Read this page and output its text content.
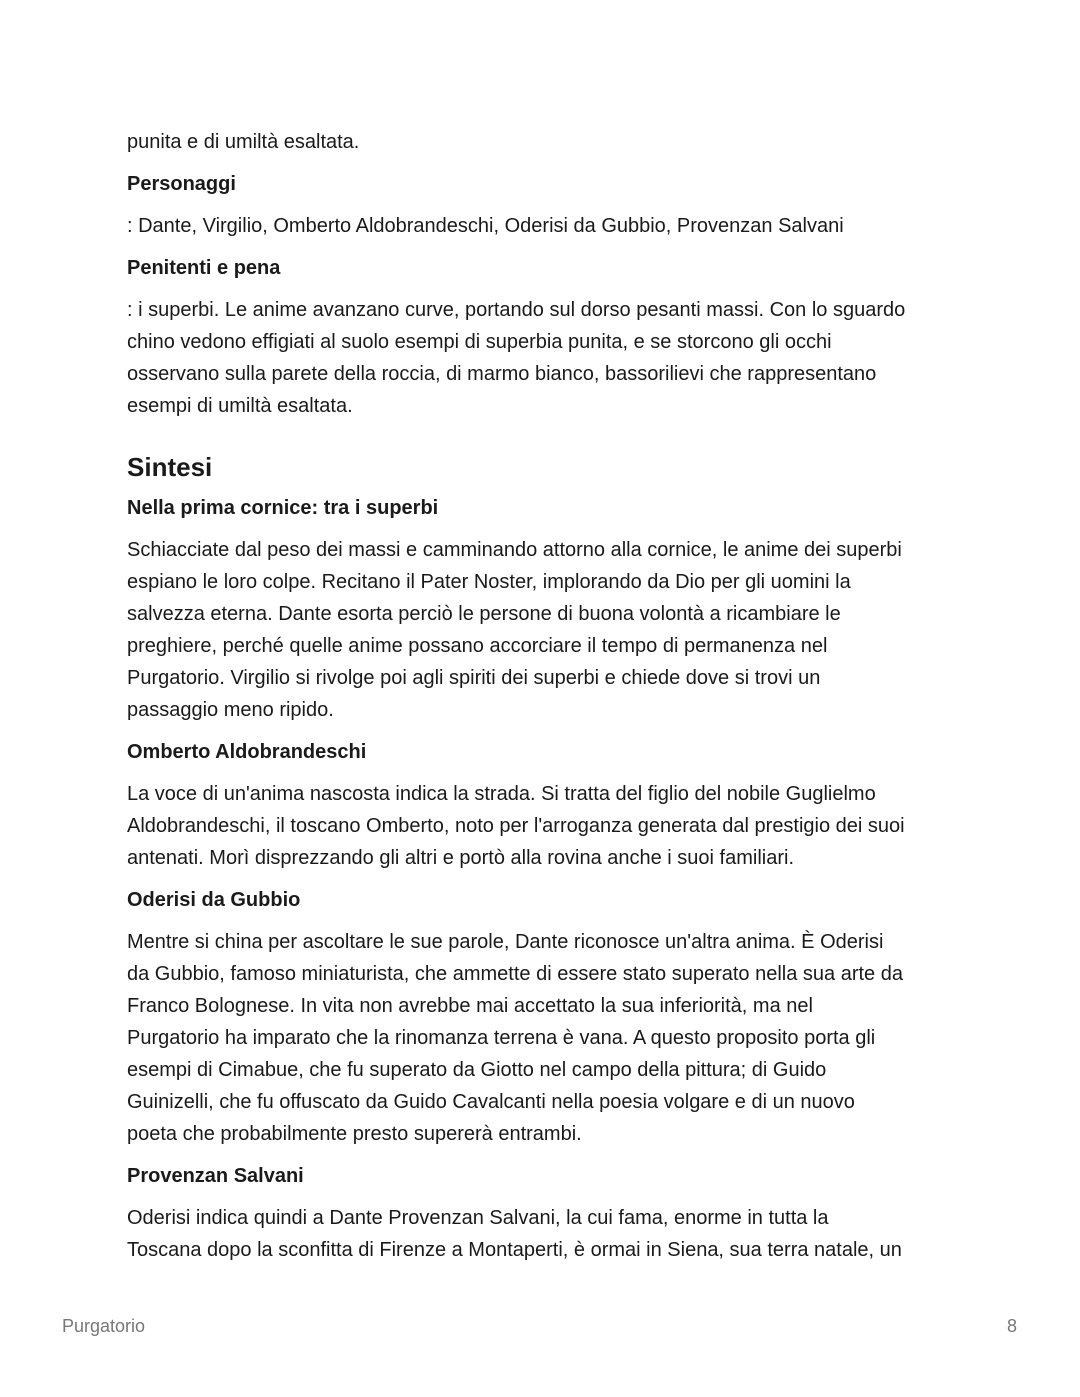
punita e di umiltà esaltata.

Personaggi

: Dante, Virgilio, Omberto Aldobrandeschi, Oderisi da Gubbio, Provenzan Salvani

Penitenti e pena

: i superbi. Le anime avanzano curve, portando sul dorso pesanti massi. Con lo sguardo
chino vedono effigiati al suolo esempi di superbia punita, e se storcono gli occhi
osservano sulla parete della roccia, di marmo bianco, bassorilievi che rappresentano
esempi di umiltà esaltata.

Sintesi
Nella prima cornice: tra i superbi

Schiacciate dal peso dei massi e camminando attorno alla cornice, le anime dei superbi
espiano le loro colpe. Recitano il Pater Noster, implorando da Dio per gli uomini la
salvezza eterna. Dante esorta perciò le persone di buona volontà a ricambiare le
preghiere, perché quelle anime possano accorciare il tempo di permanenza nel
Purgatorio. Virgilio si rivolge poi agli spiriti dei superbi e chiede dove si trovi un
passaggio meno ripido.

Omberto Aldobrandeschi

La voce di un'anima nascosta indica la strada. Si tratta del figlio del nobile Guglielmo
Aldobrandeschi, il toscano Omberto, noto per l'arroganza generata dal prestigio dei suoi
antenati. Morì disprezzando gli altri e portò alla rovina anche i suoi familiari.

Oderisi da Gubbio

Mentre si china per ascoltare le sue parole, Dante riconosce un'altra anima. È Oderisi
da Gubbio, famoso miniaturista, che ammette di essere stato superato nella sua arte da
Franco Bolognese. In vita non avrebbe mai accettato la sua inferiorità, ma nel
Purgatorio ha imparato che la rinomanza terrena è vana. A questo proposito porta gli
esempi di Cimabue, che fu superato da Giotto nel campo della pittura; di Guido
Guinizelli, che fu offuscato da Guido Cavalcanti nella poesia volgare e di un nuovo
poeta che probabilmente presto supererà entrambi.

Provenzan Salvani

Oderisi indica quindi a Dante Provenzan Salvani, la cui fama, enorme in tutta la
Toscana dopo la sconfitta di Firenze a Montaperti, è ormai in Siena, sua terra natale, un

Purgatorio	8
